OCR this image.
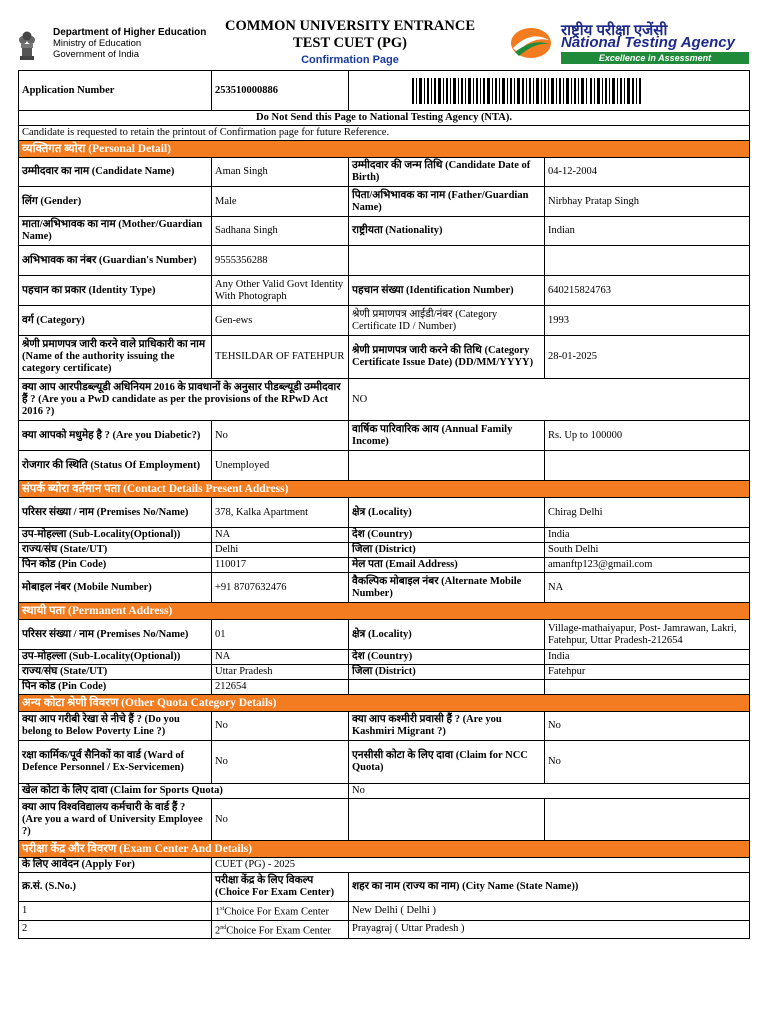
Department of Higher Education
Ministry of Education
Government of India
COMMON UNIVERSITY ENTRANCE
TEST CUET (PG)
Confirmation Page
राष्ट्रीय परीक्षा एजेंसी
National Testing Agency
Excellence in Assessment
Application Number	253510000886	

Do Not Send this Page to National Testing Agency (NTA).			
Candidate is requested to retain the printout of Confirmation page for future Reference.			
व्यक्तिगत ब्योरा (Personal Detail)			
उम्मीदवार का नाम (Candidate Name)	Aman Singh	उम्मीदवार की जन्म तिथि (Candidate Date of Birth)	04-12-2004
लिंग (Gender)	Male	पिता/अभिभावक का नाम (Father/Guardian Name)	Nirbhay Pratap Singh
माता/अभिभावक का नाम (Mother/Guardian Name)	Sadhana Singh	राष्ट्रीयता (Nationality)	Indian
अभिभावक का नंबर (Guardian's Number)	9555356288		
पहचान का प्रकार (Identity Type)	Any Other Valid Govt Identity With Photograph	पहचान संख्या (Identification Number)	640215824763
वर्ग (Category)	Gen-ews	श्रेणी प्रमाणपत्र आईडी/नंबर (Category Certificate ID / Number)	1993
श्रेणी प्रमाणपत्र जारी करने वाले प्राधिकारी का नाम (Name of the authority issuing the category certificate)	TEHSILDAR OF FATEHPUR	श्रेणी प्रमाणपत्र जारी करने की तिथि (Category Certificate Issue Date) (DD/MM/YYYY)	28-01-2025
क्या आप आरपीडब्ल्यूडी अधिनियम 2016 के प्रावधानों के अनुसार पीडब्ल्यूडी उम्मीदवार हैं ? (Are you a PwD candidate as per the provisions of the RPwD Act 2016 ?)		NO	
क्या आपको मधुमेह है ? (Are you Diabetic?)	No	वार्षिक पारिवारिक आय (Annual Family Income)	Rs. Up to 100000
रोजगार की स्थिति (Status Of Employment)	Unemployed		
संपर्क ब्योरा वर्तमान पता (Contact Details Present Address)			
परिसर संख्या / नाम (Premises No/Name)	378, Kalka Apartment	क्षेत्र (Locality)	Chirag Delhi
उप-मोहल्ला (Sub-Locality(Optional))	NA	देश (Country)	India
राज्य/संघ (State/UT)	Delhi	जिला (District)	South Delhi
पिन कोड (Pin Code)	110017	मेल पता (Email Address)	amanftp123@gmail.com
मोबाइल नंबर (Mobile Number)	+91 8707632476	वैकल्पिक मोबाइल नंबर (Alternate Mobile Number)	NA
स्थायी पता (Permanent Address)			
परिसर संख्या / नाम (Premises No/Name)	01	क्षेत्र (Locality)	Village-mathaiyapur, Post- Jamrawan, Lakri, Fatehpur, Uttar Pradesh-212654
उप-मोहल्ला (Sub-Locality(Optional))	NA	देश (Country)	India
राज्य/संघ (State/UT)	Uttar Pradesh	जिला (District)	Fatehpur
पिन कोड (Pin Code)	212654		
अन्य कोटा श्रेणी विवरण (Other Quota Category Details)			
क्या आप गरीबी रेखा से नीचे हैं ? (Do you belong to Below Poverty Line ?)	No	क्या आप कश्मीरी प्रवासी हैं ? (Are you Kashmiri Migrant ?)	No
रक्षा कार्मिक/पूर्व सैनिकों का वार्ड (Ward of Defence Personnel / Ex-Servicemen)	No	एनसीसी कोटा के लिए दावा (Claim for NCC Quota)	No
खेल कोटा के लिए दावा (Claim for Sports Quota)		No	
क्या आप विश्वविद्यालय कर्मचारी के वार्ड हैं ? (Are you a ward of University Employee ?)	No		
परीक्षा केंद्र और विवरण (Exam Center And Details)			
के लिए आवेदन (Apply For)	CUET (PG) - 2025		
क्र.सं. (S.No.)	परीक्षा केंद्र के लिए विकल्प (Choice For Exam Center)	शहर का नाम (राज्य का नाम) (City Name (State Name))	
1	1stChoice For Exam Center	New Delhi ( Delhi )	
2	2ndChoice For Exam Center	Prayagraj ( Uttar Pradesh )	
